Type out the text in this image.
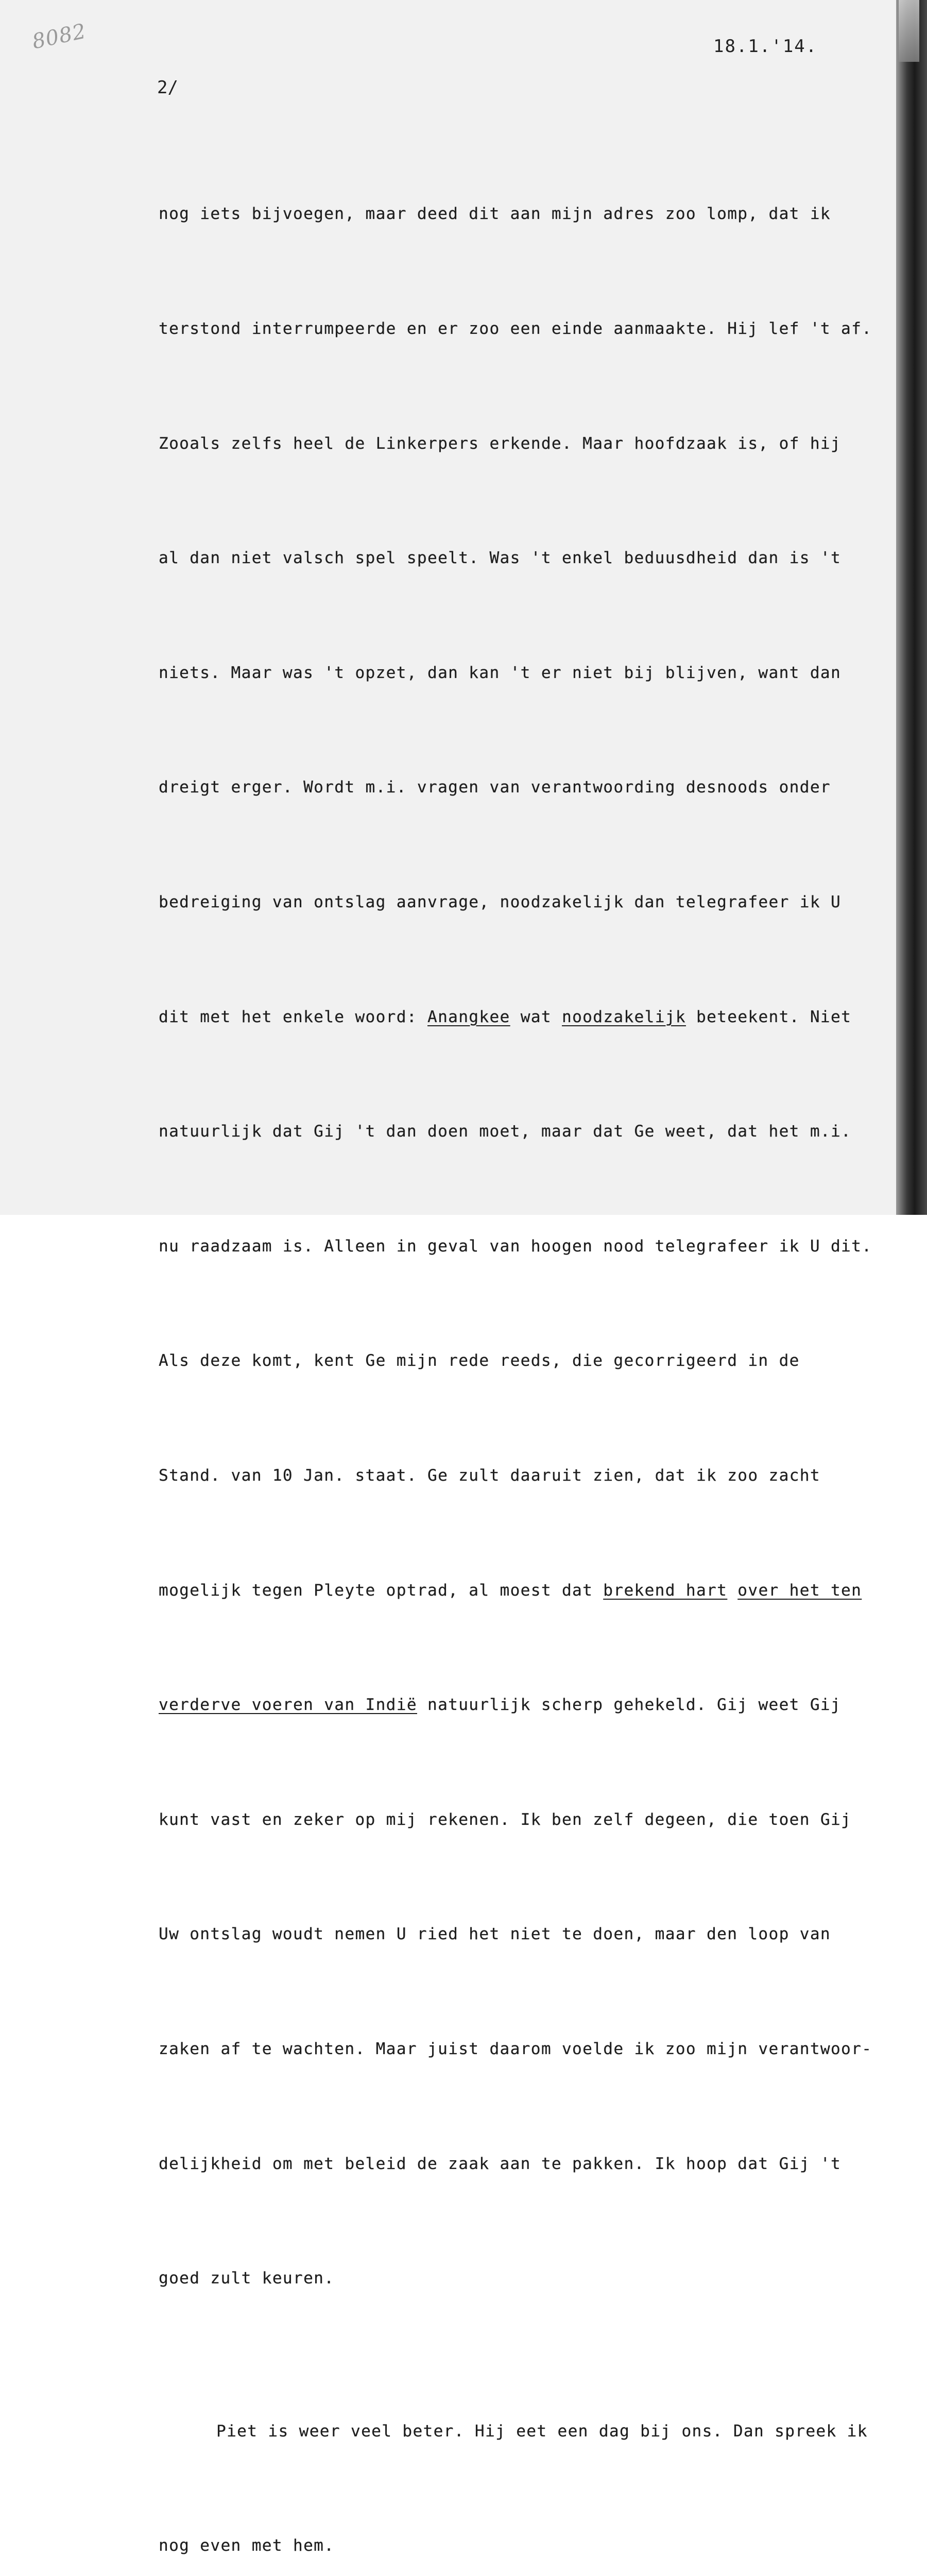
8082	18.1.'14.
2/

nog iets bijvoegen, maar deed dit aan mijn adres zoo lomp, dat ik

terstond interrumpeerde en er zoo een einde aanmaakte. Hij lef 't af.

Zooals zelfs heel de Linkerpers erkende. Maar hoofdzaak is, of hij

al dan niet valsch spel speelt. Was 't enkel beduusdheid dan is 't

niets. Maar was 't opzet, dan kan 't er niet bij blijven, want dan

dreigt erger. Wordt m.i. vragen van verantwoording desnoods onder

bedreiging van ontslag aanvrage, noodzakelijk dan telegrafeer ik U

dit met het enkele woord: Anangkee wat noodzakelijk beteekent. Niet

natuurlijk dat Gij 't dan doen moet, maar dat Ge weet, dat het m.i.

nu raadzaam is. Alleen in geval van hoogen nood telegrafeer ik U dit.

Als deze komt, kent Ge mijn rede reeds, die gecorrigeerd in de

Stand. van 10 Jan. staat. Ge zult daaruit zien, dat ik zoo zacht

mogelijk tegen Pleyte optrad, al moest dat brekend hart over het ten

verderve voeren van Indië natuurlijk scherp gehekeld. Gij weet Gij

kunt vast en zeker op mij rekenen. Ik ben zelf degeen, die toen Gij

Uw ontslag woudt nemen U ried het niet te doen, maar den loop van

zaken af te wachten. Maar juist daarom voelde ik zoo mijn verantwoor-

delijkheid om met beleid de zaak aan te pakken. Ik hoop dat Gij 't

goed zult keuren.

Piet is weer veel beter. Hij eet een dag bij ons. Dan spreek ik

nog even met hem.
